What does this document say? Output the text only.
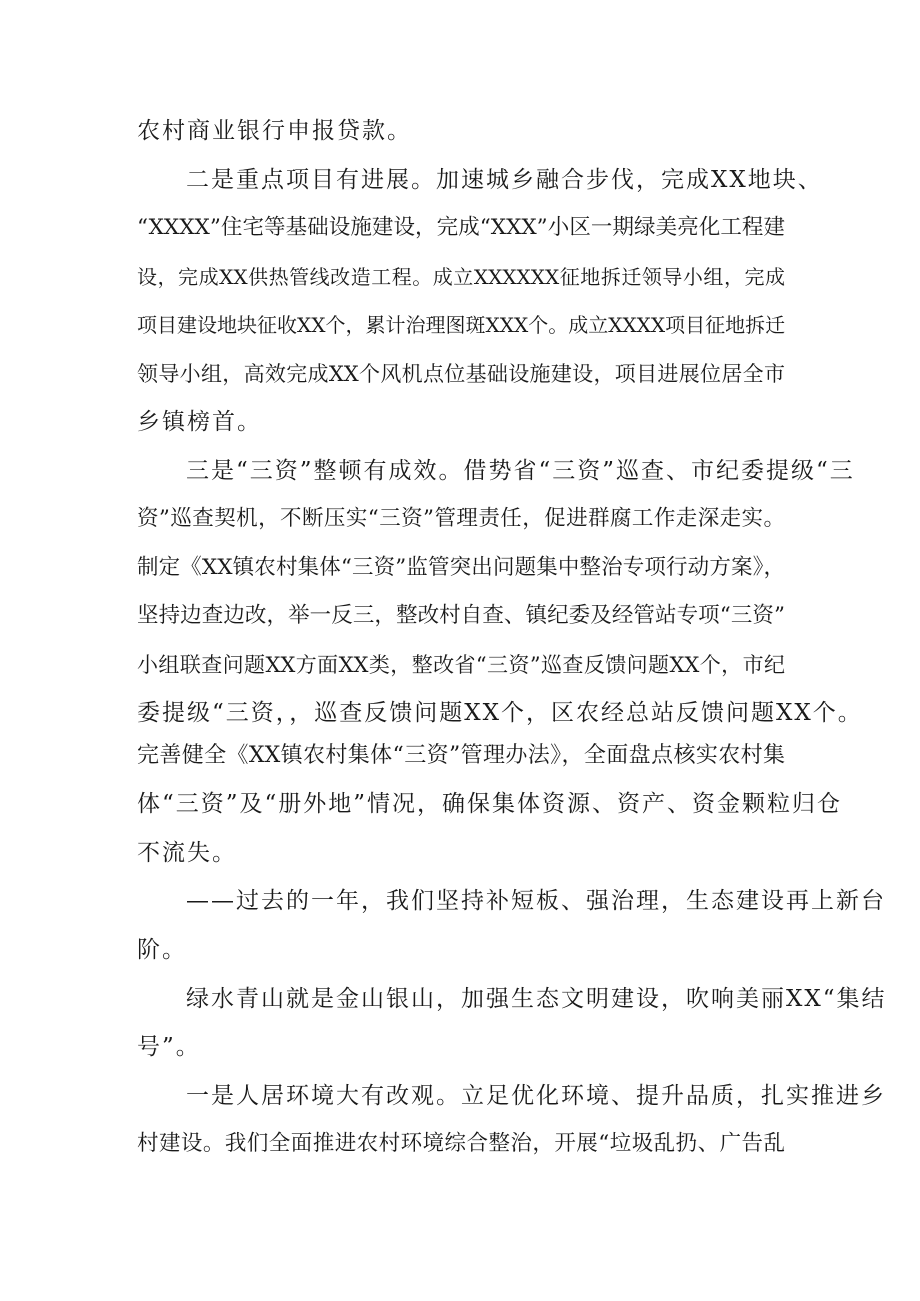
农村商业银行申报贷款。
二是重点项目有进展。加速城乡融合步伐，完成XX地块、
“XXXX”住宅等基础设施建设，完成“XXX”小区一期绿美亮化工程建
设，完成XX供热管线改造工程。成立XXXXXX征地拆迁领导小组，完成
项目建设地块征收XX个，累计治理图斑XXX个。成立XXXX项目征地拆迁
领导小组，高效完成XX个风机点位基础设施建设，项目进展位居全市
乡镇榜首。
三是“三资”整顿有成效。借势省“三资”巡查、市纪委提级“三
资”巡查契机，不断压实“三资”管理责任，促进群腐工作走深走实。
制定《XX镇农村集体“三资”监管突出问题集中整治专项行动方案》，
坚持边查边改，举一反三，整改村自查、镇纪委及经管站专项“三资”
小组联查问题XX方面XX类，整改省“三资”巡查反馈问题XX个，市纪
委提级“三资，，巡查反馈问题XX个，区农经总站反馈问题XX个。
完善健全《XX镇农村集体“三资”管理办法》，全面盘点核实农村集
体“三资”及“册外地”情况，确保集体资源、资产、资金颗粒归仓
不流失。
——过去的一年，我们坚持补短板、强治理，生态建设再上新台
阶。
绿水青山就是金山银山，加强生态文明建设，吹响美丽XX“集结
号”。
一是人居环境大有改观。立足优化环境、提升品质，扎实推进乡
村建设。我们全面推进农村环境综合整治，开展“垃圾乱扔、广告乱
